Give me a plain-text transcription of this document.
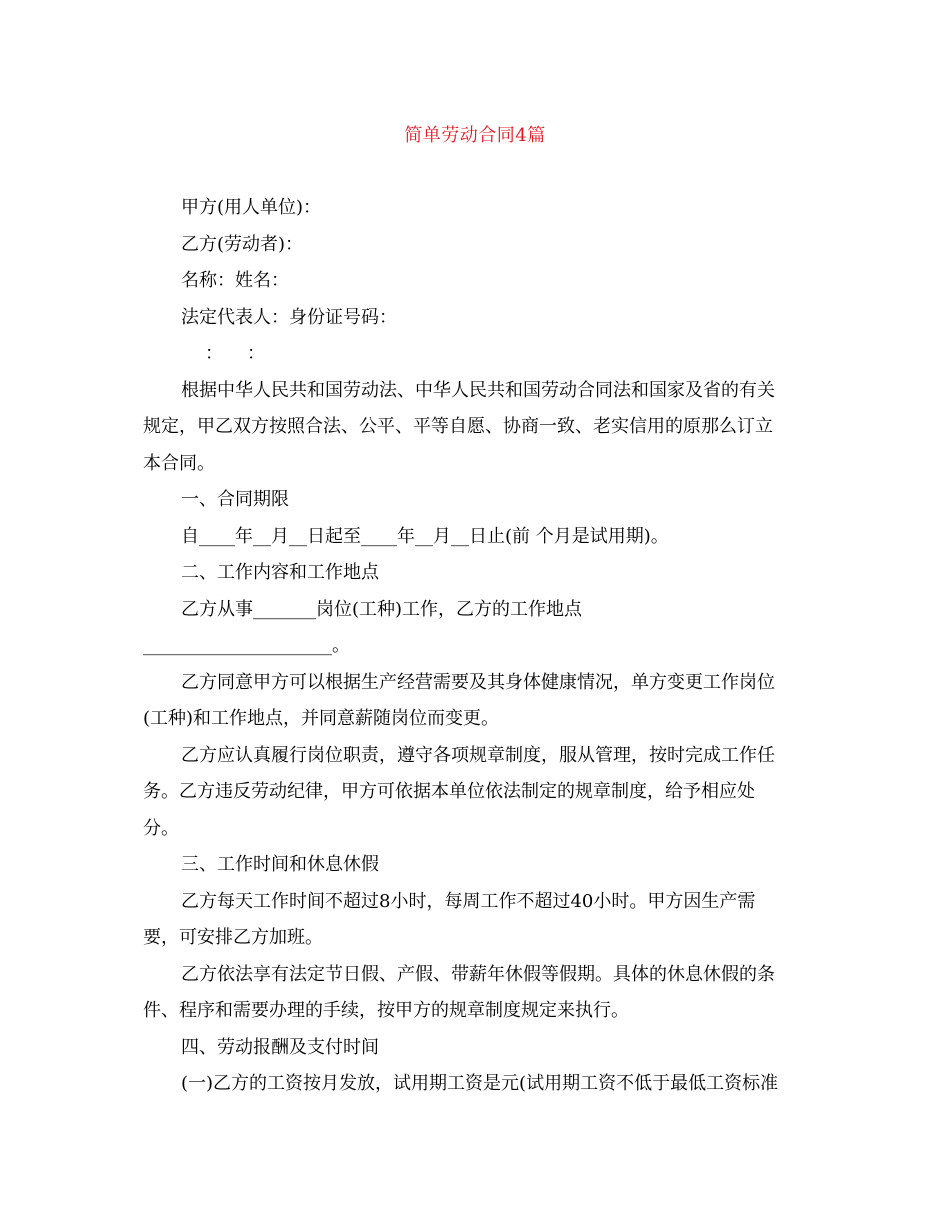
简单劳动合同4篇

甲方(用人单位)：

乙方(劳动者)：

名称：姓名：

法定代表人：身份证号码：

： ：

根据中华人民共和国劳动法、中华人民共和国劳动合同法和国家及省的有关

规定，甲乙双方按照合法、公平、平等自愿、协商一致、老实信用的原那么订立

本合同。

一、合同期限

自____年__月__日起至____年__月__日止(前 个月是试用期)。

二、工作内容和工作地点

乙方从事_______岗位(工种)工作，乙方的工作地点

_____________________。

乙方同意甲方可以根据生产经营需要及其身体健康情况，单方变更工作岗位

(工种)和工作地点，并同意薪随岗位而变更。

乙方应认真履行岗位职责，遵守各项规章制度，服从管理，按时完成工作任

务。乙方违反劳动纪律，甲方可依据本单位依法制定的规章制度，给予相应处

分。

三、工作时间和休息休假

乙方每天工作时间不超过8小时，每周工作不超过40小时。甲方因生产需

要，可安排乙方加班。

乙方依法享有法定节日假、产假、带薪年休假等假期。具体的休息休假的条

件、程序和需要办理的手续，按甲方的规章制度规定来执行。

四、劳动报酬及支付时间

(一)乙方的工资按月发放，试用期工资是元(试用期工资不低于最低工资标准
